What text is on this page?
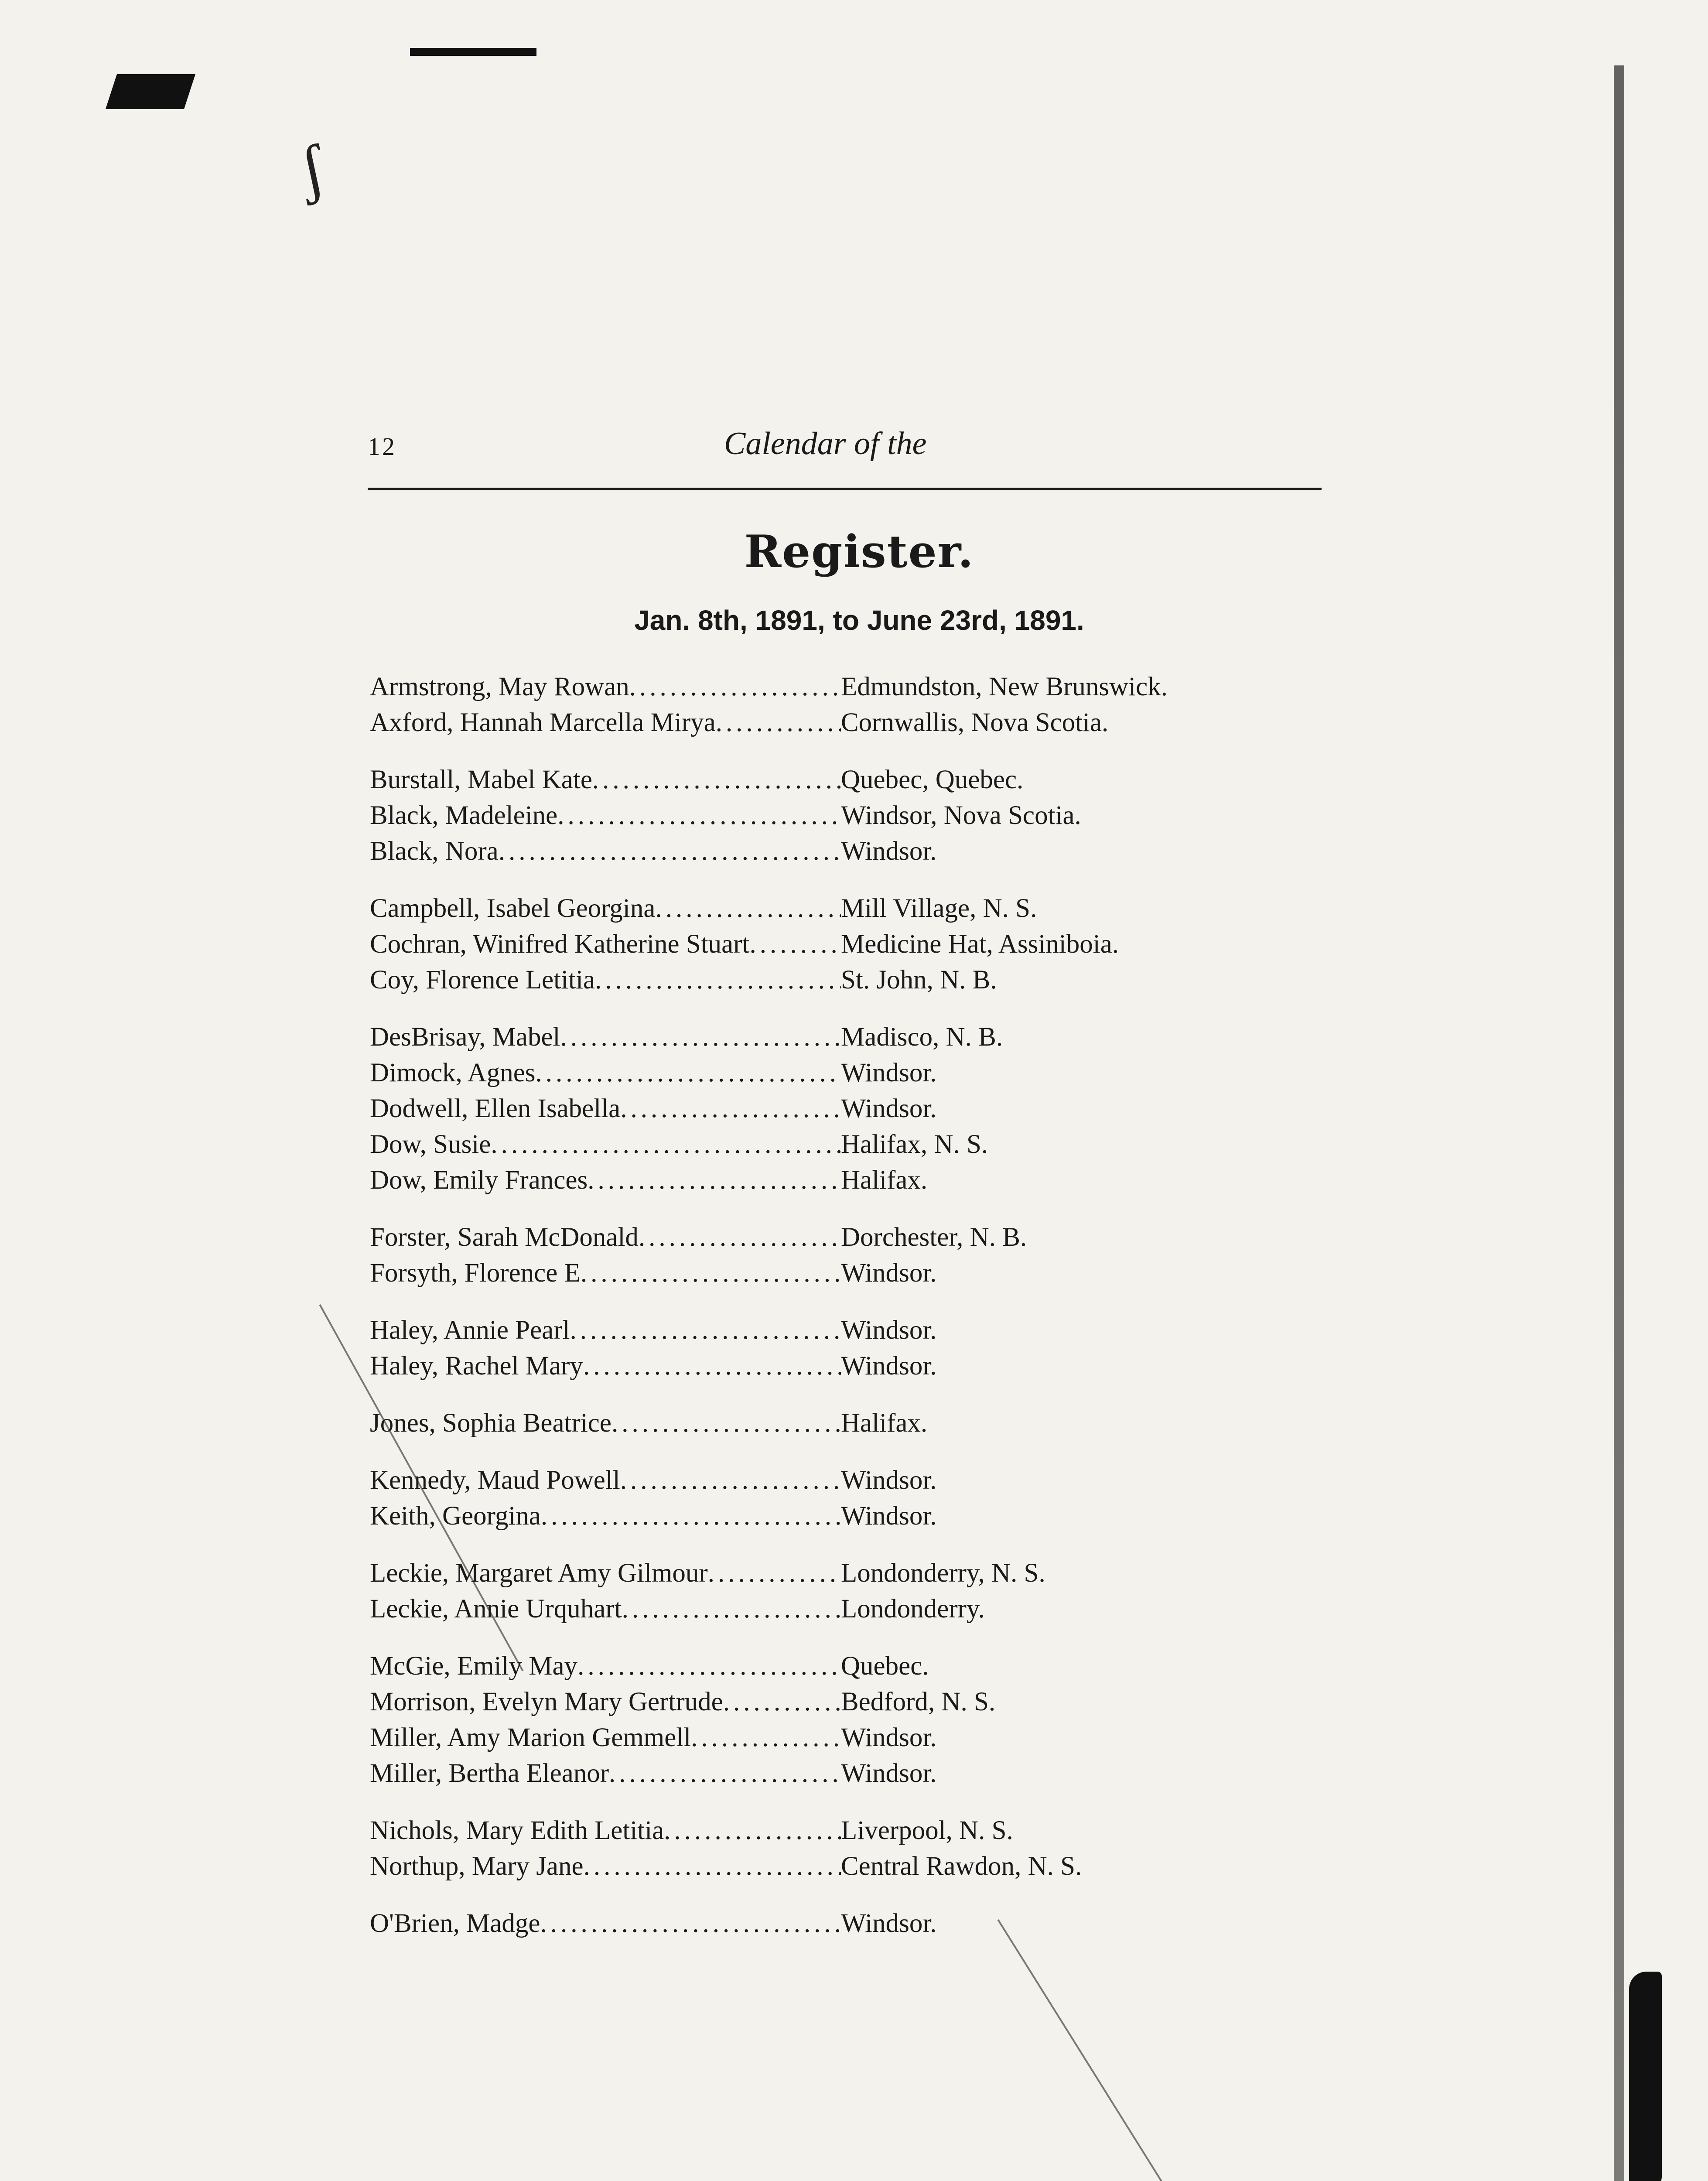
ʃ
12	Calendar of the
Register.
Jan. 8th, 1891, to June 23rd, 1891.
Armstrong, May Rowan .....	Edmundston, New Brunswick.
Axford, Hannah Marcella Mirya .....	Cornwallis, Nova Scotia.
Burstall, Mabel Kate .....	Quebec, Quebec.
Black, Madeleine .....	Windsor, Nova Scotia.
Black, Nora .....	Windsor.
Campbell, Isabel Georgina .....	Mill Village, N. S.
Cochran, Winifred Katherine Stuart .....	Medicine Hat, Assiniboia.
Coy, Florence Letitia .....	St. John, N. B.
DesBrisay, Mabel .....	Madisco, N. B.
Dimock, Agnes .....	Windsor.
Dodwell, Ellen Isabella .....	Windsor.
Dow, Susie .....	Halifax, N. S.
Dow, Emily Frances .....	Halifax.
Forster, Sarah McDonald .....	Dorchester, N. B.
Forsyth, Florence E .....	Windsor.
Haley, Annie Pearl .....	Windsor.
Haley, Rachel Mary .....	Windsor.
Jones, Sophia Beatrice .....	Halifax.
Kennedy, Maud Powell .....	Windsor.
Keith, Georgina .....	Windsor.
Leckie, Margaret Amy Gilmour .....	Londonderry, N. S.
Leckie, Annie Urquhart .....	Londonderry.
McGie, Emily May .....	Quebec.
Morrison, Evelyn Mary Gertrude .....	Bedford, N. S.
Miller, Amy Marion Gemmell .....	Windsor.
Miller, Bertha Eleanor .....	Windsor.
Nichols, Mary Edith Letitia .....	Liverpool, N. S.
Northup, Mary Jane .....	Central Rawdon, N. S.
O'Brien, Madge .....	Windsor.
